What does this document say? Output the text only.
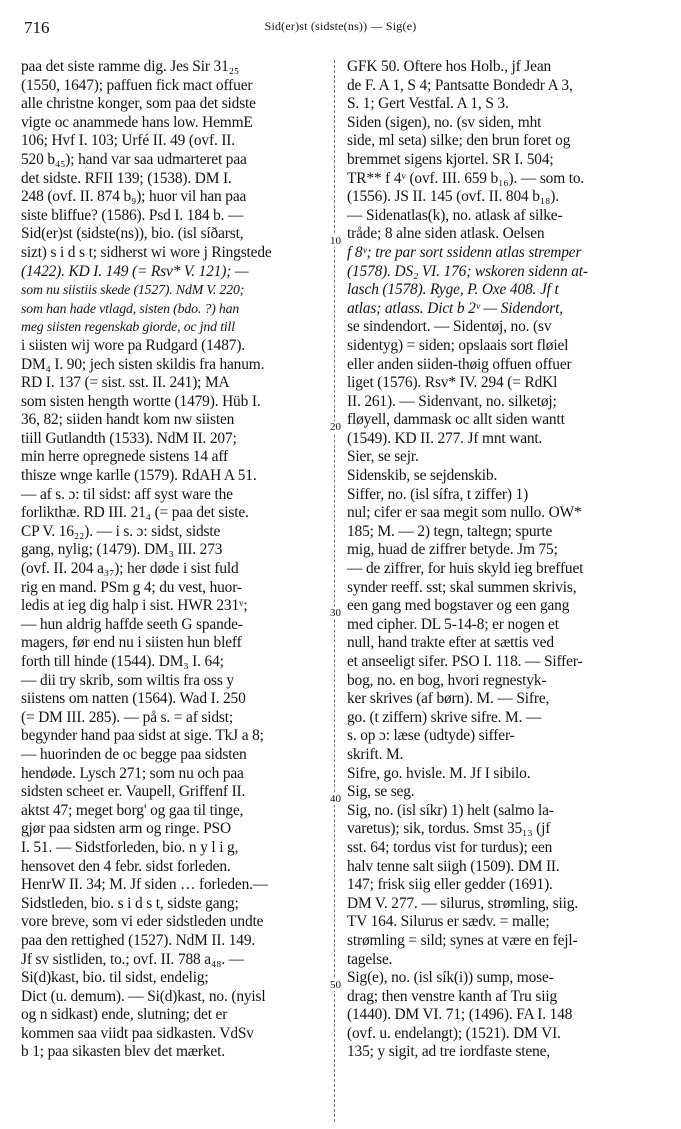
716	Sid(er)st (sidste(ns)) — Sig(e)
10
20
30
40
50
paa det siste ramme dig. Jes Sir 31₂₅
(1550, 1647); paffuen fick mact offuer
alle christne konger, som paa det sidste
vigte oc anammede hans low. HemmE
106; Hvf I. 103; Urfé II. 49 (ovf. II.
520 b₄₅); hand var saa udmarteret paa
det sidste. RFII 139; (1538). DM I.
248 (ovf. II. 874 b₉); huor vil han paa
siste bliffue? (1586). Psd I. 184 b. —
Sid(er)st (sidste(ns)), bio. (isl síðarst,
sizt) s i d s t; sidherst wi wore j Ringstede
(1422). KD I. 149 (= Rsv* V. 121); —
som nu siistiis skede (1527). NdM V. 220;
som han hade vtlagd, sisten (bdo. ?) han
meg siisten regenskab giorde, oc jnd till
i siisten wij wore pa Rudgard (1487).
DM₄ I. 90; jech sisten skildis fra hanum.
RD I. 137 (= sist. sst. II. 241); MA
som sisten hength wortte (1479). Hüb I.
36, 82; siiden handt kom nw siisten
tiill Gutlandth (1533). NdM II. 207;
min herre opregnede sistens 14 aff
thisze wnge karlle (1579). RdAH A 51.
— af s. ɔ: til sidst: aff syst ware the
forlikthæ. RD III. 21₄ (= paa det siste.
CP V. 16₂₂). — i s. ɔ: sidst, sidste
gang, nylig; (1479). DM₃ III. 273
(ovf. II. 204 a₃₇); her døde i sist fuld
rig en mand. PSm g 4; du vest, huor-
ledis at ieg dig halp i sist. HWR 231ᵛ;
— hun aldrig haffde seeth G spande-
magers, før end nu i siisten hun bleff
forth till hinde (1544). DM₃ I. 64;
— dii try skrib, som wiltis fra oss y
siistens om natten (1564). Wad I. 250
(= DM III. 285). — på s. = af sidst;
begynder hand paa sidst at sige. TkJ a 8;
— huorinden de oc begge paa sidsten
hendøde. Lysch 271; som nu och paa
sidsten scheet er. Vaupell, Griffenf II.
aktst 47; meget borg' og gaa til tinge,
gjør paa sidsten arm og ringe. PSO
I. 51. — Sidstforleden, bio. n y l i g,
hensovet den 4 febr. sidst forleden.
HenrW II. 34; M. Jf siden … forleden.—
Sidstleden, bio. s i d s t, sidste gang;
vore breve, som vi eder sidstleden undte
paa den rettighed (1527). NdM II. 149.
Jf sv sistliden, to.; ovf. II. 788 a₄₈. —
Si(d)kast, bio. til sidst, endelig;
Dict (u. demum). — Si(d)kast, no. (nyisl
og n sidkast) ende, slutning; det er
kommen saa viidt paa sidkasten. VdSv
b 1; paa sikasten blev det mærket.
GFK 50. Oftere hos Holb., jf Jean
de F. A 1, S 4; Pantsatte Bondedr A 3,
S. 1; Gert Vestfal. A 1, S 3.
Siden (sigen), no. (sv siden, mht
side, ml seta) silke; den brun foret og
bremmet sigens kjortel. SR I. 504;
TR** f 4ᵛ (ovf. III. 659 b₁₆). — som to.
(1556). JS II. 145 (ovf. II. 804 b₁₈).
— Sidenatlas(k), no. atlask af silke-
tråde; 8 alne siden atlask. Oelsen
f 8ᵛ; tre par sort ssidenn atlas stremper
(1578). DS₂ VI. 176; wskoren sidenn at-
lasch (1578). Ryge, P. Oxe 408. Jf t
atlas; atlass. Dict b 2ᵛ — Sidendort,
se sindendort. — Sidentøj, no. (sv
sidentyg) = siden; opslaais sort fløiel
eller anden siiden-thøig offuen offuer
liget (1576). Rsv* IV. 294 (= RdKl
II. 261). — Sidenvant, no. silketøj;
fløyell, dammask oc allt siden wantt
(1549). KD II. 277. Jf mnt want.
Sier, se sejr.
Sidenskib, se sejdenskib.
Siffer, no. (isl sífra, t ziffer) 1)
nul; cifer er saa megit som nullo. OW*
185; M. — 2) tegn, taltegn; spurte
mig, huad de ziffrer betyde. Jm 75;
— de ziffrer, for huis skyld ieg breffuet
synder reeff. sst; skal summen skrivis,
een gang med bogstaver og een gang
med cipher. DL 5-14-8; er nogen et
null, hand trakte efter at sættis ved
et anseeligt sifer. PSO I. 118. — Siffer-
bog, no. en bog, hvori regnestyk-
ker skrives (af børn). M. — Sifre,
go. (t ziffern) skrive sifre. M. —
s. op ɔ: læse (udtyde) siffer-
skrift. M.
Sifre, go. hvisle. M. Jf I sibilo.
Sig, se seg.
Sig, no. (isl síkr) 1) helt (salmo la-
varetus); sik, tordus. Smst 35₁₃ (jf
sst. 64; tordus vist for turdus); een
halv tenne salt siigh (1509). DM II.
147; frisk siig eller gedder (1691).
DM V. 277. — silurus, strømling, siig.
TV 164. Silurus er sædv. = malle;
strømling = sild; synes at være en fejl-
tagelse.
Sig(e), no. (isl sík(i)) sump, mose-
drag; then venstre kanth af Tru siig
(1440). DM VI. 71; (1496). FA I. 148
(ovf. u. endelangt); (1521). DM VI.
135; y sigit, ad tre iordfaste stene,
